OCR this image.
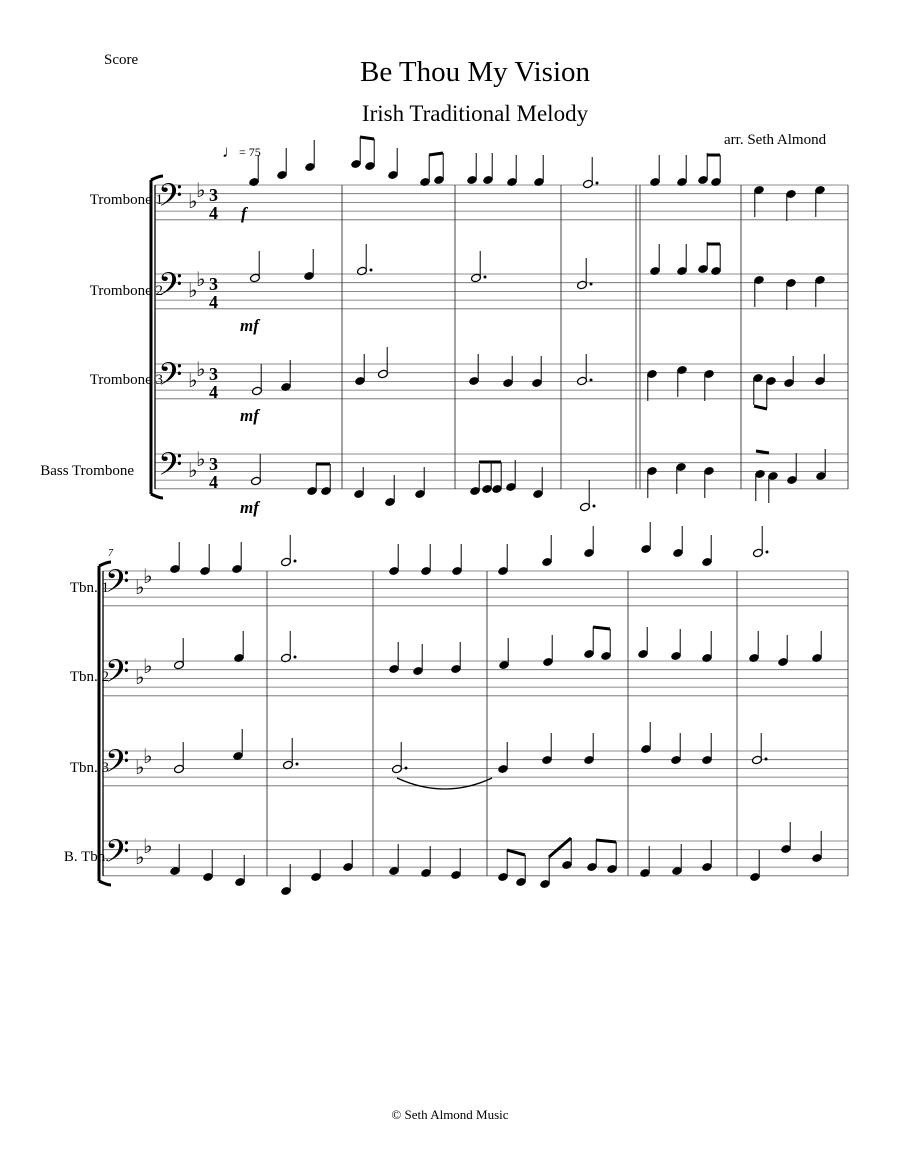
Score	Be Thou My Vision
Irish Traditional Melody
arr. Seth Almond
♩= 75
Trombone 1
Trombone 2
Trombone 3
Bass Trombone
Tbn. 1
Tbn. 2
Tbn. 3
B. Tbn.
𝄢 ♭
♭ 3
4
𝄢 ♭
♭ 3
4
𝄢 ♭
♭ 3
4
𝄢 ♭
♭ 3
4
𝄢 ♭
♭
𝄢 ♭
♭
𝄢 ♭
♭
𝄢 ♭
♭
f
mf
mf
mf
7
© Seth Almond Music
